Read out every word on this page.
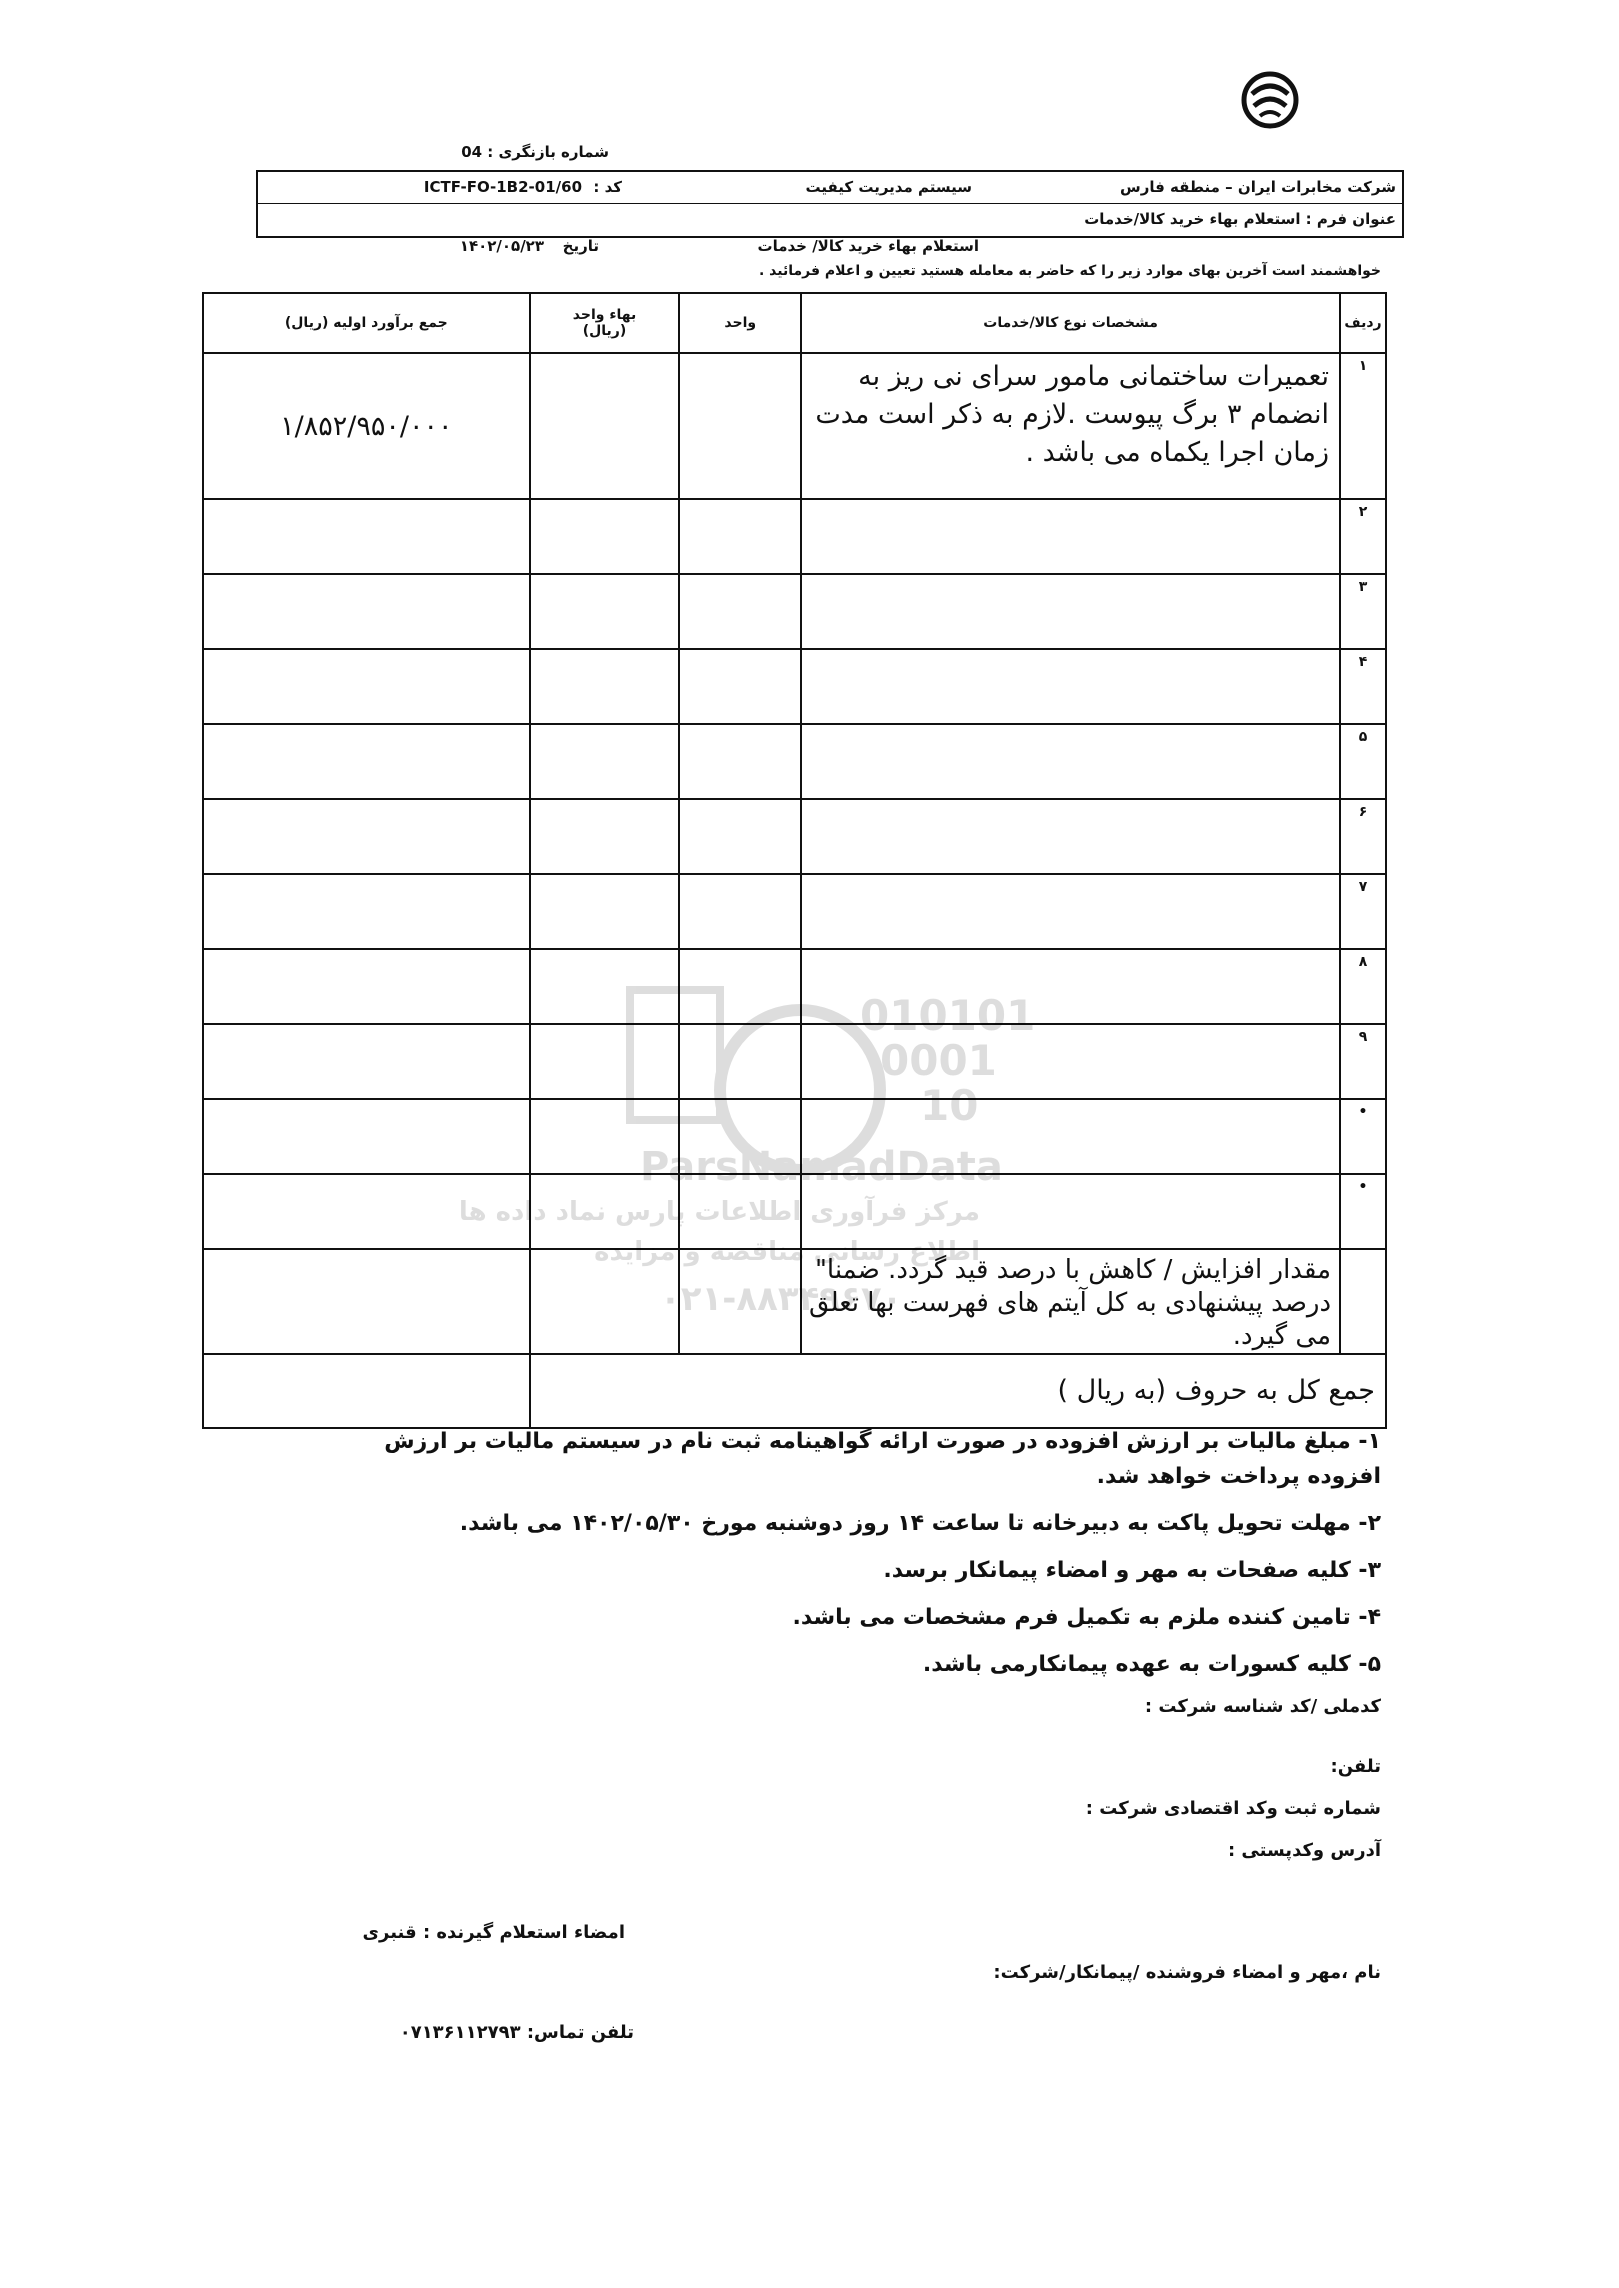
شماره بازنگری : 04
شرکت مخابرات ایران – منطقه فارس
سیستم مدیریت کیفیت
کد :
ICTF-FO-1B2-01/60
عنوان فرم : استعلام بهاء خرید کالا/خدمات
استعلام بهاء خرید کالا/ خدمات
تاریخ
۱۴۰۲/۰۵/۲۳
خواهشمند است آخرین بهای موارد زیر را که حاضر به معامله هستید تعیین و اعلام فرمائید .
ردیف	مشخصات نوع کالا/خدمات	واحد	بهاء واحد
(ریال)	جمع برآورد اولیه (ریال)
۱	تعمیرات ساختمانی مامور سرای نی ریز به انضمام ۳ برگ پیوست .لازم به ذکر است مدت زمان اجرا یکماه می باشد .			۱/۸۵۲/۹۵۰/۰۰۰
۲				
۳				
۴				
۵				
۶				
۷				
۸				
۹				
•				
•				
	مقدار افزایش / کاهش با درصد قید گردد. ضمنا" درصد پیشنهادی به کل آیتم های فهرست بها تعلق می گیرد.			
جمع کل به حروف (به ریال )				
010101
0001
10
ParsNamadData
مرکز فرآوری اطلاعات پارس نماد داده ها
اطلاع رسانی مناقصه و مزایده
۰۲۱-۸۸۳۴۹۶۷۰
۱- مبلغ مالیات بر ارزش افزوده در صورت ارائه گواهینامه ثبت نام در سیستم مالیات بر ارزش افزوده پرداخت خواهد شد.
۲- مهلت تحویل پاکت به دبیرخانه تا ساعت ۱۴ روز دوشنبه مورخ ۱۴۰۲/۰۵/۳۰ می باشد.
۳- کلیه صفحات به مهر و امضاء پیمانکار برسد.
۴- تامین کننده ملزم به تکمیل فرم مشخصات می باشد.
۵- کلیه کسورات به عهده پیمانکارمی باشد.
کدملی /کد شناسه شرکت :
تلفن:
شماره ثبت وکد اقتصادی شرکت :
آدرس وکدپستی :
امضاء استعلام گیرنده : قنبری
نام ،مهر و امضاء فروشنده /پیمانکار/شرکت:
تلفن تماس: ۰۷۱۳۶۱۱۲۷۹۳
